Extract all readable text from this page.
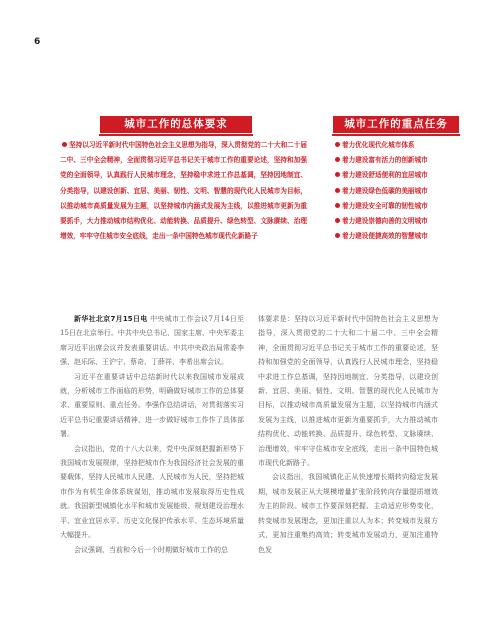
6
城市工作的总体要求	城市工作的重点任务
坚持以习近平新时代中国特色社会主义思想为指导，深入贯彻党的二十大和二十届二中、三中全会精神，全面贯彻习近平总书记关于城市工作的重要论述，坚持和加强党的全面领导，认真践行人民城市理念，坚持稳中求进工作总基调，坚持因地制宜、分类指导，以建设创新、宜居、美丽、韧性、文明、智慧的现代化人民城市为目标，以推动城市高质量发展为主题，以坚持城市内涵式发展为主线，以推进城市更新为重要抓手，大力推动城市结构优化、动能转换、品质提升、绿色转型、文脉赓续、治理增效，牢牢守住城市安全底线，走出一条中国特色城市现代化新路子
着力优化现代化城市体系
着力建设富有活力的创新城市
着力建设舒适便利的宜居城市
着力建设绿色低碳的美丽城市
着力建设安全可靠的韧性城市
着力建设崇德向善的文明城市
着力建设便捷高效的智慧城市

新华社北京7月15日电 中央城市工作会议7月14日至15日在北京举行。中共中央总书记、国家主席、中央军委主席习近平出席会议并发表重要讲话。中共中央政治局常委李强、赵乐际、王沪宁、蔡奇、丁薛祥、李希出席会议。

习近平在重要讲话中总结新时代以来我国城市发展成就，分析城市工作面临的形势，明确做好城市工作的总体要求、重要原则、重点任务。李强作总结讲话，对贯彻落实习近平总书记重要讲话精神、进一步做好城市工作作了具体部署。

会议指出，党的十八大以来，党中央深刻把握新形势下我国城市发展规律，坚持把城市作为我国经济社会发展的重要载体，坚持人民城市人民建、人民城市为人民，坚持把城市作为有机生命体系统谋划，推动城市发展取得历史性成就。我国新型城镇化水平和城市发展能级、规划建设治理水平、宜业宜居水平、历史文化保护传承水平、生态环境质量大幅提升。

会议强调，当前和今后一个时期做好城市工作的总

体要求是：坚持以习近平新时代中国特色社会主义思想为指导，深入贯彻党的二十大和二十届二中、三中全会精神，全面贯彻习近平总书记关于城市工作的重要论述，坚持和加强党的全面领导，认真践行人民城市理念，坚持稳中求进工作总基调，坚持因地制宜、分类指导，以建设创新、宜居、美丽、韧性、文明、智慧的现代化人民城市为目标，以推动城市高质量发展为主题，以坚持城市内涵式发展为主线，以推进城市更新为重要抓手，大力推动城市结构优化、动能转换、品质提升、绿色转型、文脉赓续、治理增效，牢牢守住城市安全底线，走出一条中国特色城市现代化新路子。

会议指出，我国城镇化正从快速增长期转向稳定发展期，城市发展正从大规模增量扩张阶段转向存量提质增效为主的阶段。城市工作要深刻把握、主动适应形势变化，转变城市发展理念，更加注重以人为本；转变城市发展方式，更加注重集约高效；转变城市发展动力，更加注重特色发
